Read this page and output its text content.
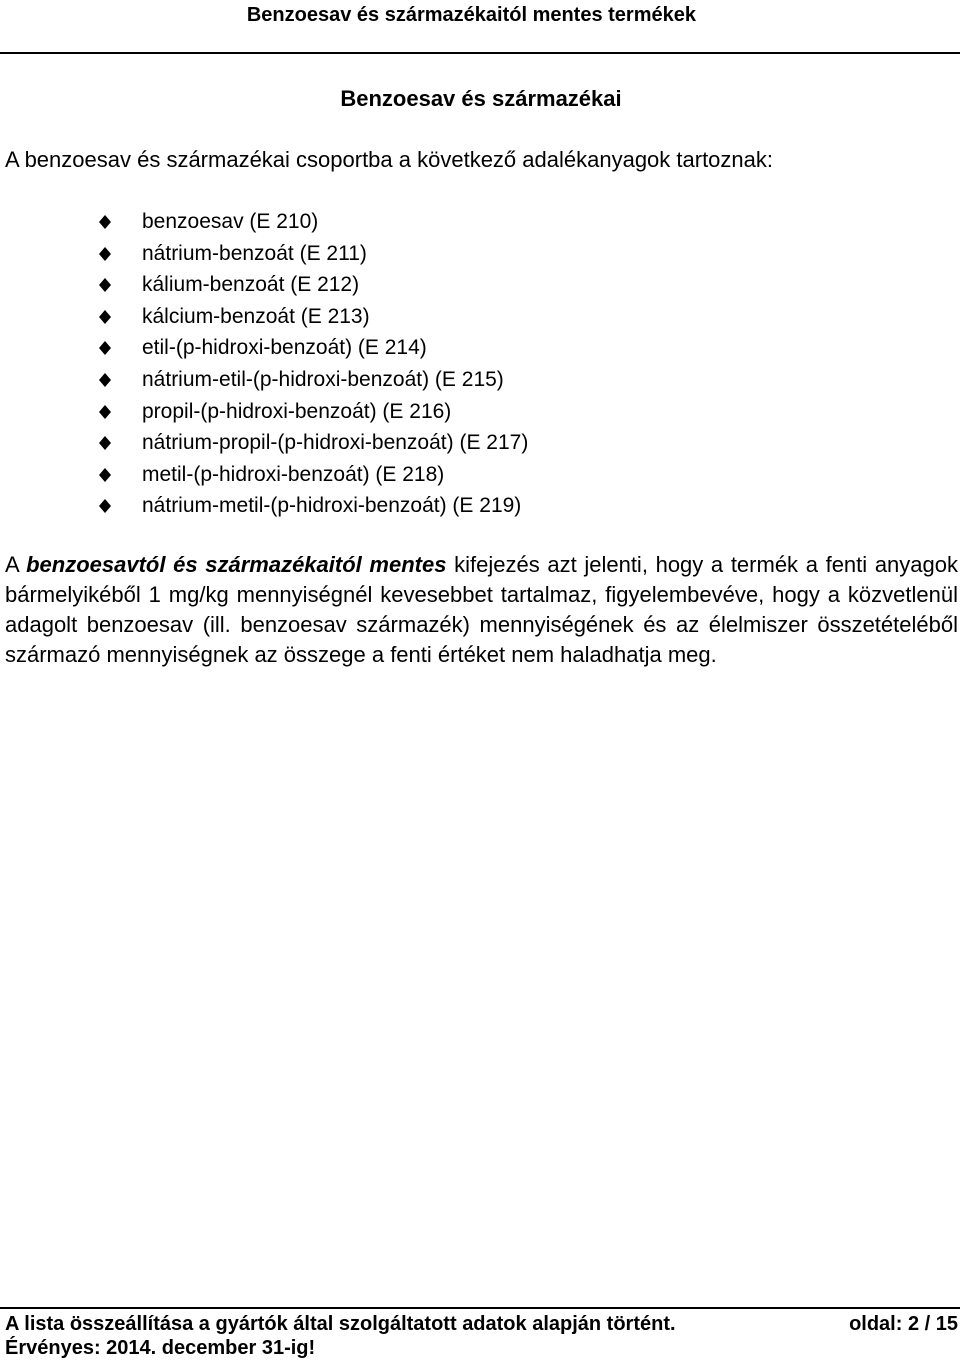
Benzoesav és származékaitól mentes termékek
Benzoesav és származékai
A benzoesav és származékai csoportba a következő adalékanyagok tartoznak:
benzoesav (E 210)
nátrium-benzoát (E 211)
kálium-benzoát (E 212)
kálcium-benzoát (E 213)
etil-(p-hidroxi-benzoát) (E 214)
nátrium-etil-(p-hidroxi-benzoát) (E 215)
propil-(p-hidroxi-benzoát) (E 216)
nátrium-propil-(p-hidroxi-benzoát) (E 217)
metil-(p-hidroxi-benzoát) (E 218)
nátrium-metil-(p-hidroxi-benzoát) (E 219)

A benzoesavtól és származékaitól mentes kifejezés azt jelenti, hogy a termék a fenti anyagok bármelyikéből 1 mg/kg mennyiségnél kevesebbet tartalmaz, figyelembevéve, hogy a közvetlenül adagolt benzoesav (ill. benzoesav származék) mennyiségének és az élelmiszer összetételéből származó mennyiségnek az összege a fenti értéket nem haladhatja meg.

A lista összeállítása a gyártók által szolgáltatott adatok alapján történt.
Érvényes: 2014. december 31-ig!
oldal: 2 / 15
